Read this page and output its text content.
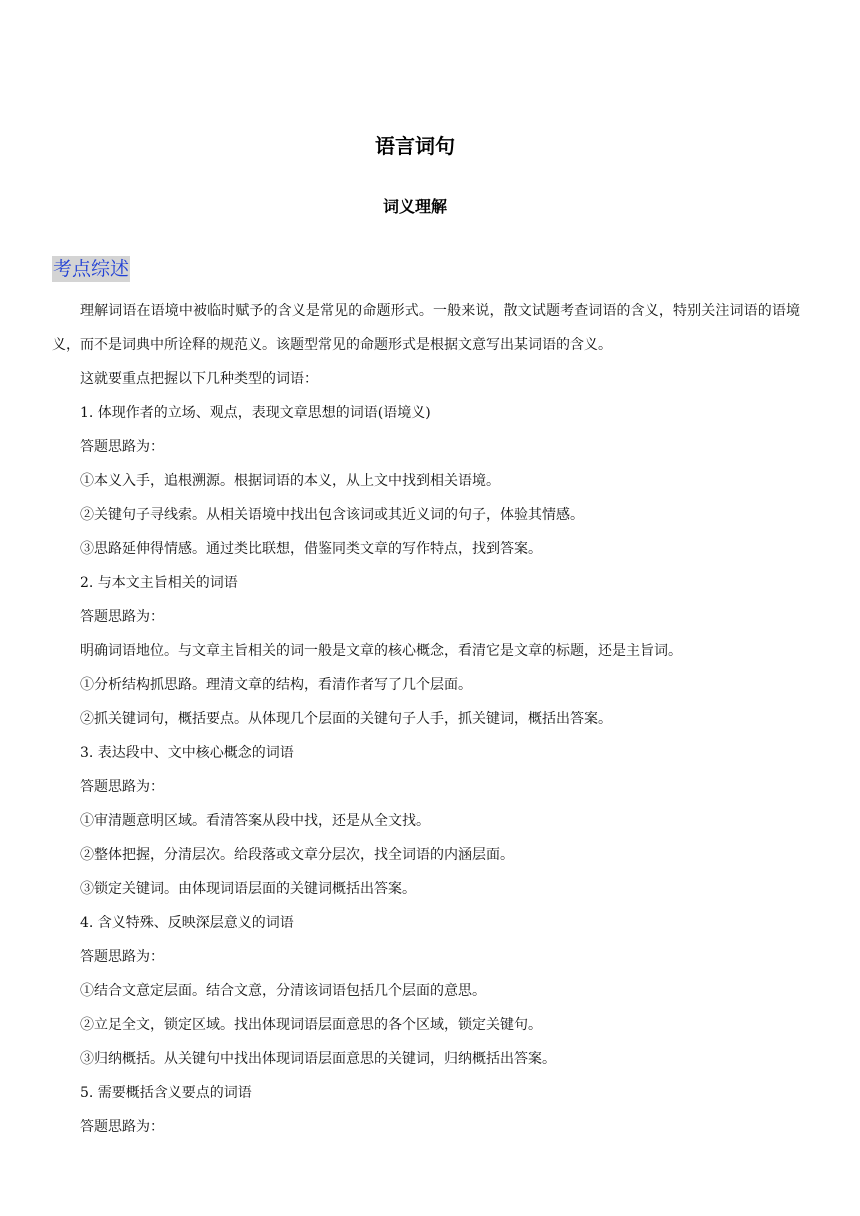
语言词句
词义理解
考点综述

理解词语在语境中被临时赋予的含义是常见的命题形式。一般来说，散文试题考查词语的含义，特别关注词语的语境义，而不是词典中所诠释的规范义。该题型常见的命题形式是根据文意写出某词语的含义。

这就要重点把握以下几种类型的词语：

1. 体现作者的立场、观点，表现文章思想的词语(语境义)

答题思路为：

①本义入手，追根溯源。根据词语的本义，从上文中找到相关语境。

②关键句子寻线索。从相关语境中找出包含该词或其近义词的句子，体验其情感。

③思路延伸得情感。通过类比联想，借鉴同类文章的写作特点，找到答案。

2. 与本文主旨相关的词语

答题思路为：

明确词语地位。与文章主旨相关的词一般是文章的核心概念，看清它是文章的标题，还是主旨词。

①分析结构抓思路。理清文章的结构，看清作者写了几个层面。

②抓关键词句，概括要点。从体现几个层面的关键句子人手，抓关键词，概括出答案。

3. 表达段中、文中核心概念的词语

答题思路为：

①审清题意明区域。看清答案从段中找，还是从全文找。

②整体把握，分清层次。给段落或文章分层次，找全词语的内涵层面。

③锁定关键词。由体现词语层面的关键词概括出答案。

4. 含义特殊、反映深层意义的词语

答题思路为：

①结合文意定层面。结合文意，分清该词语包括几个层面的意思。

②立足全文，锁定区域。找出体现词语层面意思的各个区域，锁定关键句。

③归纳概括。从关键句中找出体现词语层面意思的关键词，归纳概括出答案。

5. 需要概括含义要点的词语

答题思路为：
